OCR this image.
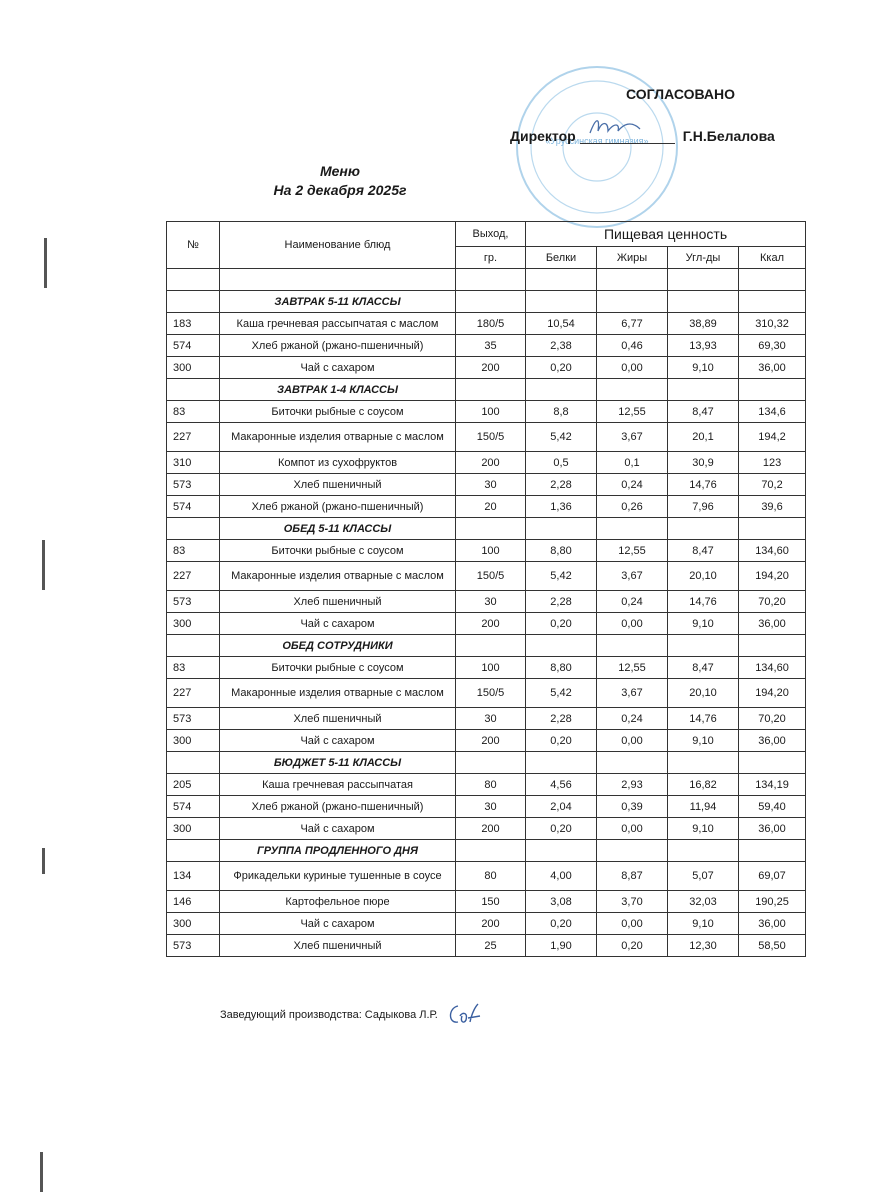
«Уруссинская гимназия»
СОГЛАСОВАНО
Директор	Г.Н.Белалова
Меню
На 2 декабря 2025г
№	Наименование блюд	Выход,	Пищевая ценность			
		гр.	Белки	Жиры	Угл-ды	Ккал

	ЗАВТРАК 5-11 КЛАССЫ					
183	Каша гречневая рассыпчатая с маслом	180/5	10,54	6,77	38,89	310,32
574	Хлеб ржаной (ржано-пшеничный)	35	2,38	0,46	13,93	69,30
300	Чай с сахаром	200	0,20	0,00	9,10	36,00
	ЗАВТРАК 1-4 КЛАССЫ					
83	Биточки рыбные с соусом	100	8,8	12,55	8,47	134,6
227	Макаронные изделия отварные с маслом	150/5	5,42	3,67	20,1	194,2
310	Компот из сухофруктов	200	0,5	0,1	30,9	123
573	Хлеб пшеничный	30	2,28	0,24	14,76	70,2
574	Хлеб ржаной (ржано-пшеничный)	20	1,36	0,26	7,96	39,6
	ОБЕД 5-11 КЛАССЫ					
83	Биточки рыбные с соусом	100	8,80	12,55	8,47	134,60
227	Макаронные изделия отварные с маслом	150/5	5,42	3,67	20,10	194,20
573	Хлеб пшеничный	30	2,28	0,24	14,76	70,20
300	Чай с сахаром	200	0,20	0,00	9,10	36,00
	ОБЕД СОТРУДНИКИ					
83	Биточки рыбные с соусом	100	8,80	12,55	8,47	134,60
227	Макаронные изделия отварные с маслом	150/5	5,42	3,67	20,10	194,20
573	Хлеб пшеничный	30	2,28	0,24	14,76	70,20
300	Чай с сахаром	200	0,20	0,00	9,10	36,00
	БЮДЖЕТ 5-11 КЛАССЫ					
205	Каша гречневая рассыпчатая	80	4,56	2,93	16,82	134,19
574	Хлеб ржаной (ржано-пшеничный)	30	2,04	0,39	11,94	59,40
300	Чай с сахаром	200	0,20	0,00	9,10	36,00
	ГРУППА ПРОДЛЕННОГО ДНЯ					
134	Фрикадельки куриные тушенные в соусе	80	4,00	8,87	5,07	69,07
146	Картофельное пюре	150	3,08	3,70	32,03	190,25
300	Чай с сахаром	200	0,20	0,00	9,10	36,00
573	Хлеб пшеничный	25	1,90	0,20	12,30	58,50
Заведующий производства: Садыкова Л.Р.
